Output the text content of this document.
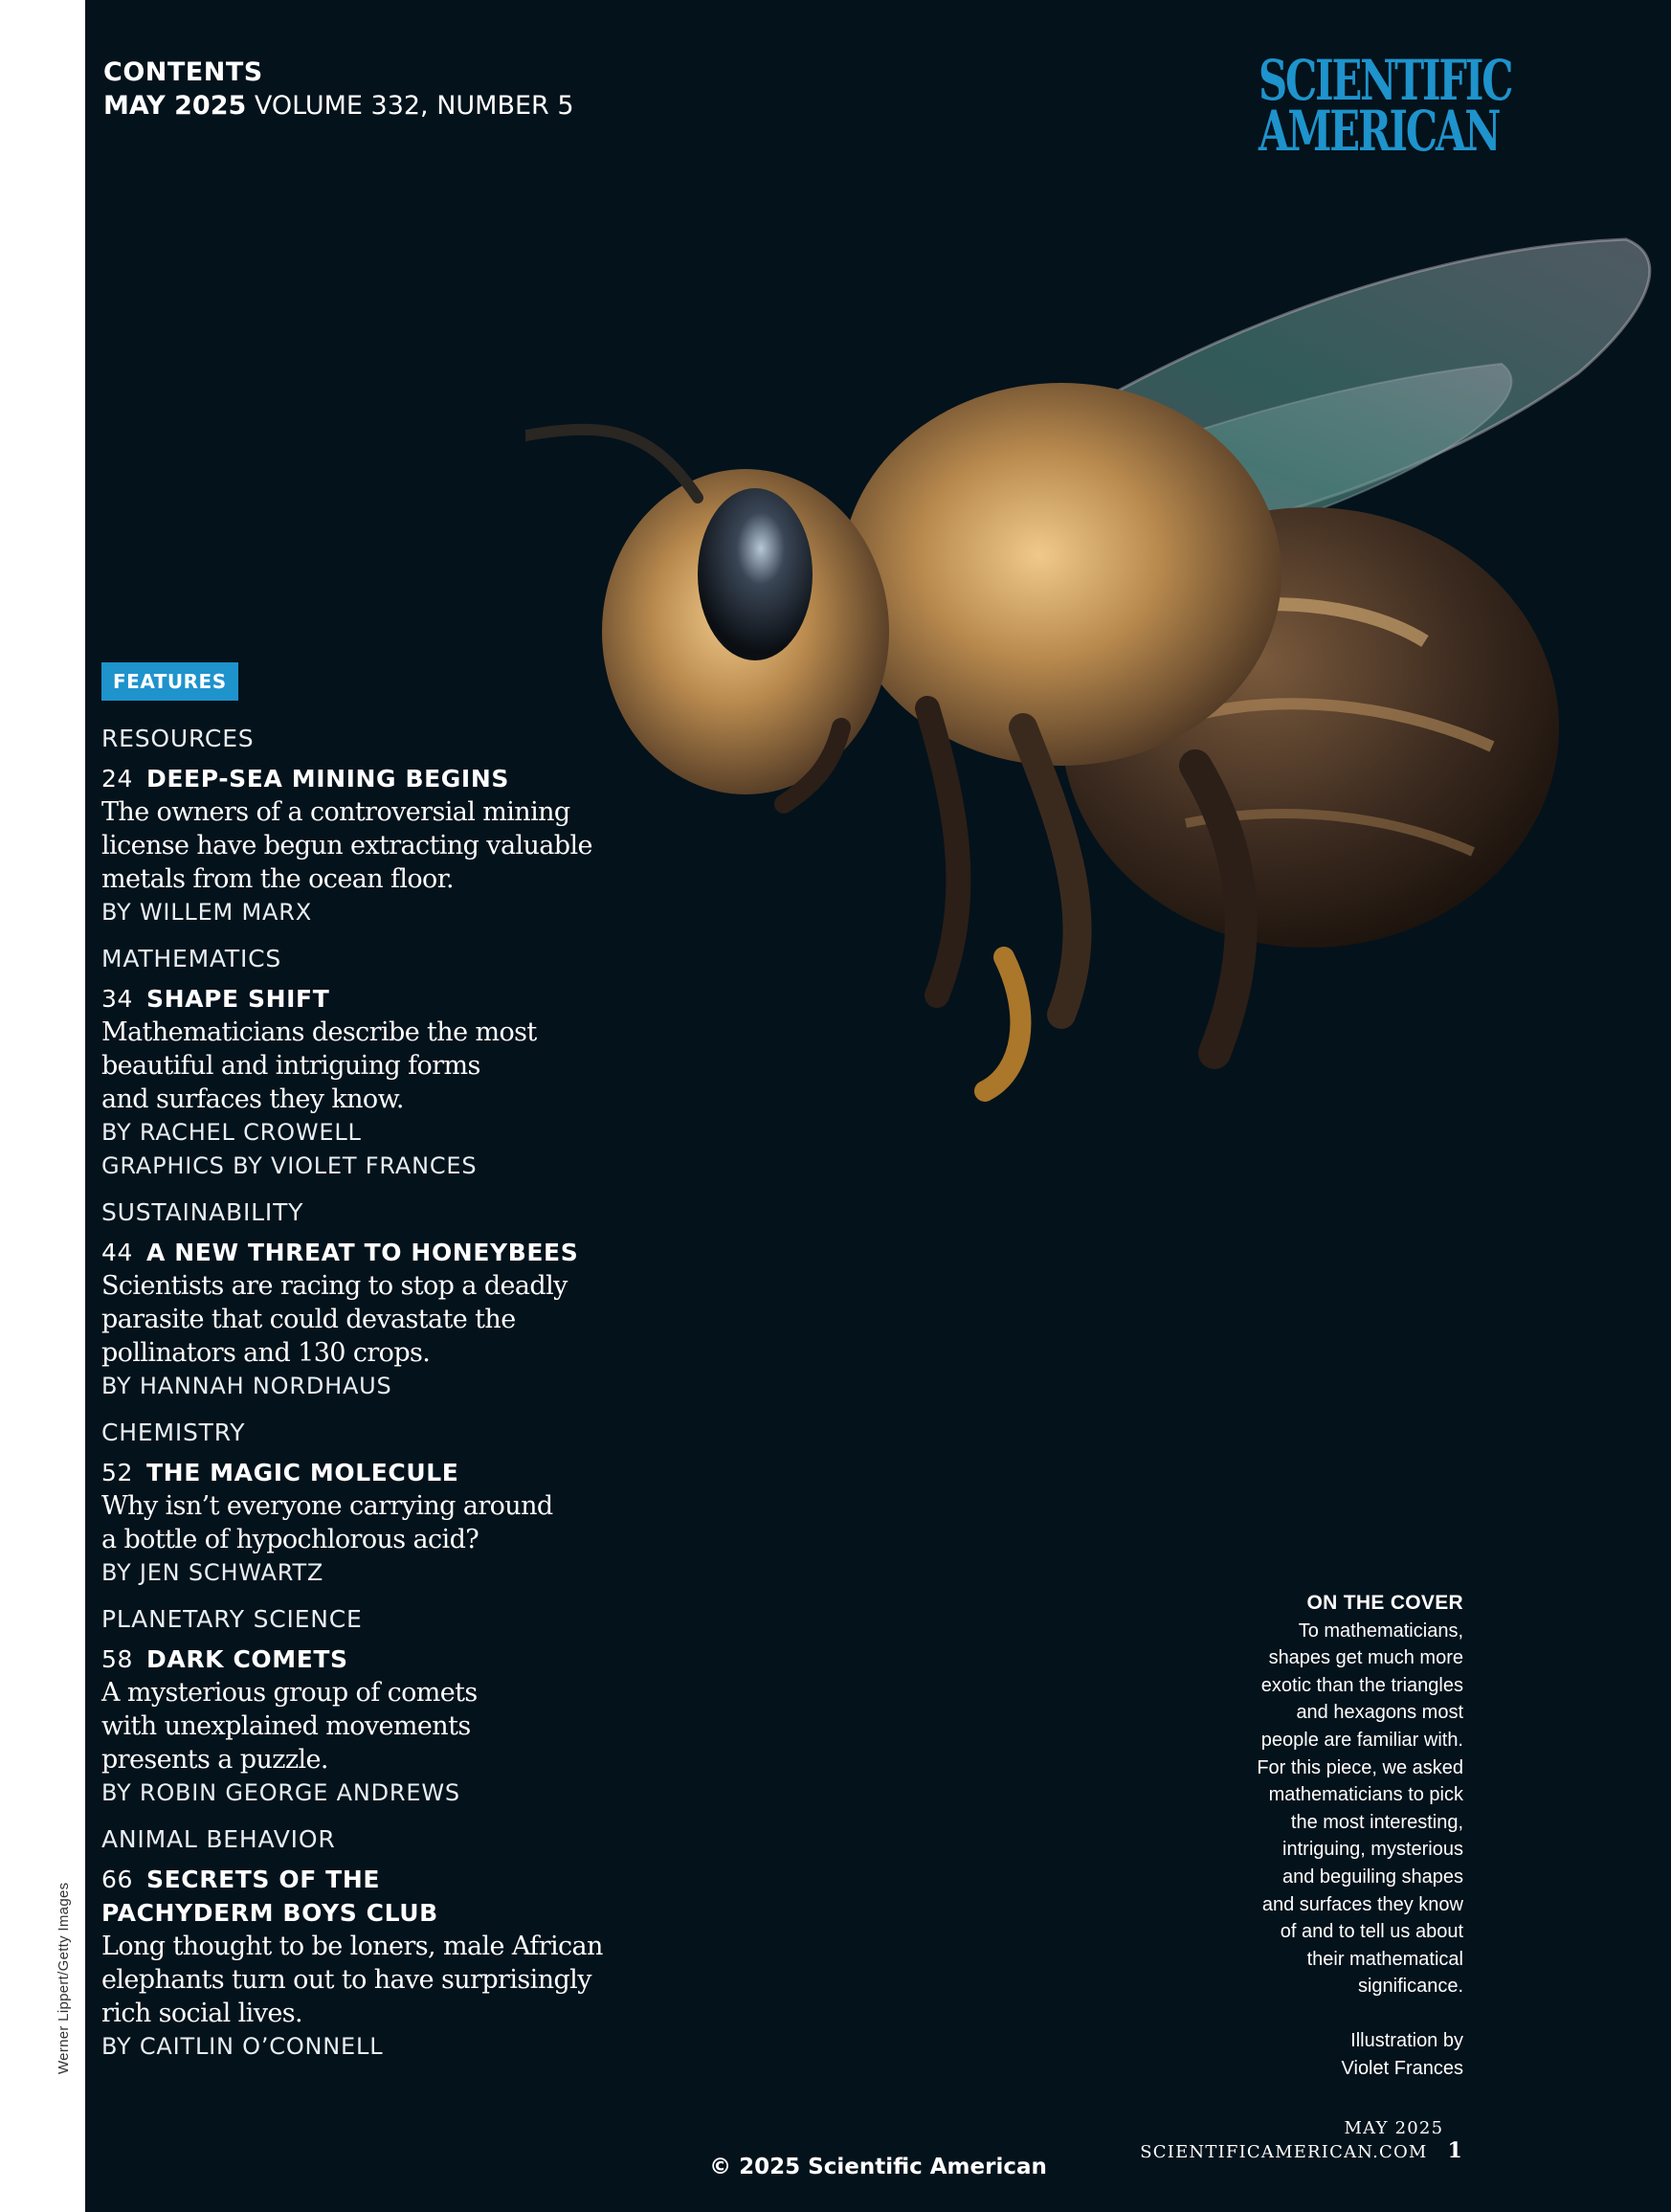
Werner Lippert/Getty Images
CONTENTS
MAY 2025 VOLUME 332, NUMBER 5	SCIENTIFIC
AMERICAN
FEATURES

RESOURCES

24 DEEP-SEA MINING BEGINS
The owners of a controversial mining
license have begun extracting valuable
metals from the ocean floor.
BY WILLEM MARX

MATHEMATICS

34 SHAPE SHIFT
Mathematicians describe the most
beautiful and intriguing forms
and surfaces they know.
BY RACHEL CROWELL
GRAPHICS BY VIOLET FRANCES

SUSTAINABILITY

44 A NEW THREAT TO HONEYBEES
Scientists are racing to stop a deadly
parasite that could devastate the
pollinators and 130 crops.
BY HANNAH NORDHAUS

CHEMISTRY

52 THE MAGIC MOLECULE
Why isn’t everyone carrying around
a bottle of hypochlorous acid?
BY JEN SCHWARTZ

PLANETARY SCIENCE

58 DARK COMETS
A mysterious group of comets
with unexplained movements
presents a puzzle.
BY ROBIN GEORGE ANDREWS

ANIMAL BEHAVIOR

66 SECRETS OF THE
PACHYDERM BOYS CLUB
Long thought to be loners, male African
elephants turn out to have surprisingly
rich social lives.
BY CAITLIN O’CONNELL
ON THE COVER
To mathematicians,
shapes get much more
exotic than the triangles
and hexagons most
people are familiar with.
For this piece, we asked
mathematicians to pick
the most interesting,
intriguing, mysterious
and beguiling shapes
and surfaces they know
of and to tell us about
their mathematical
significance.
Illustration by
Violet Frances
MAY 2025    SCIENTIFICAMERICAN.COM 1
© 2025 Scientific American
